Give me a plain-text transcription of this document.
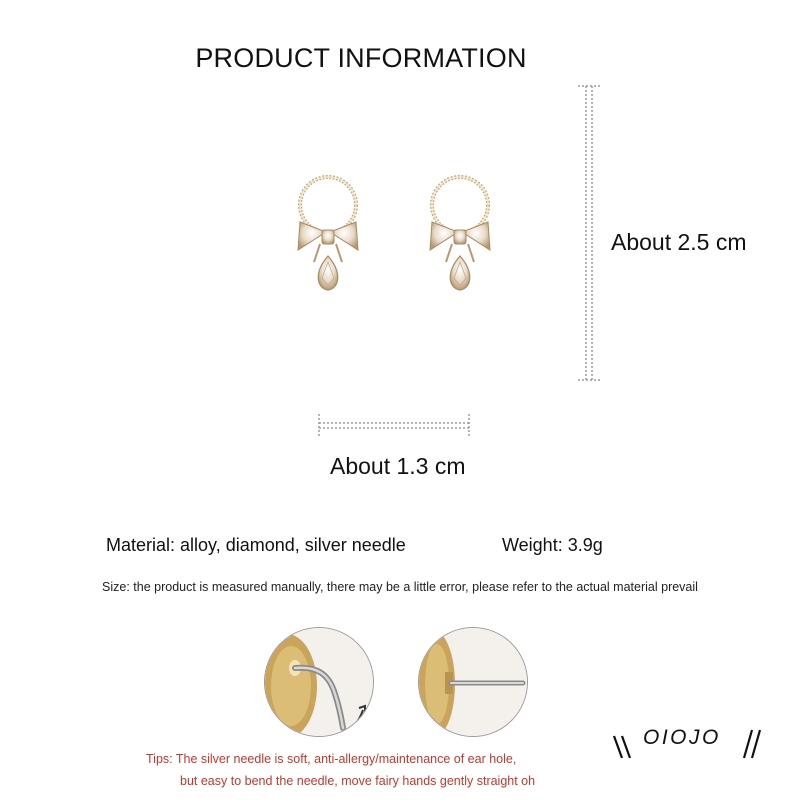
PRODUCT INFORMATION
About 2.5 cm
About 1.3 cm
Material: alloy, diamond, silver needle	Weight: 3.9g
Size: the product is measured manually, there may be a little error, please refer to the actual material prevail
Tips: The silver needle is soft, anti-allergy/maintenance of ear hole,
but easy to bend the needle, move fairy hands gently straight oh
OIOJO
